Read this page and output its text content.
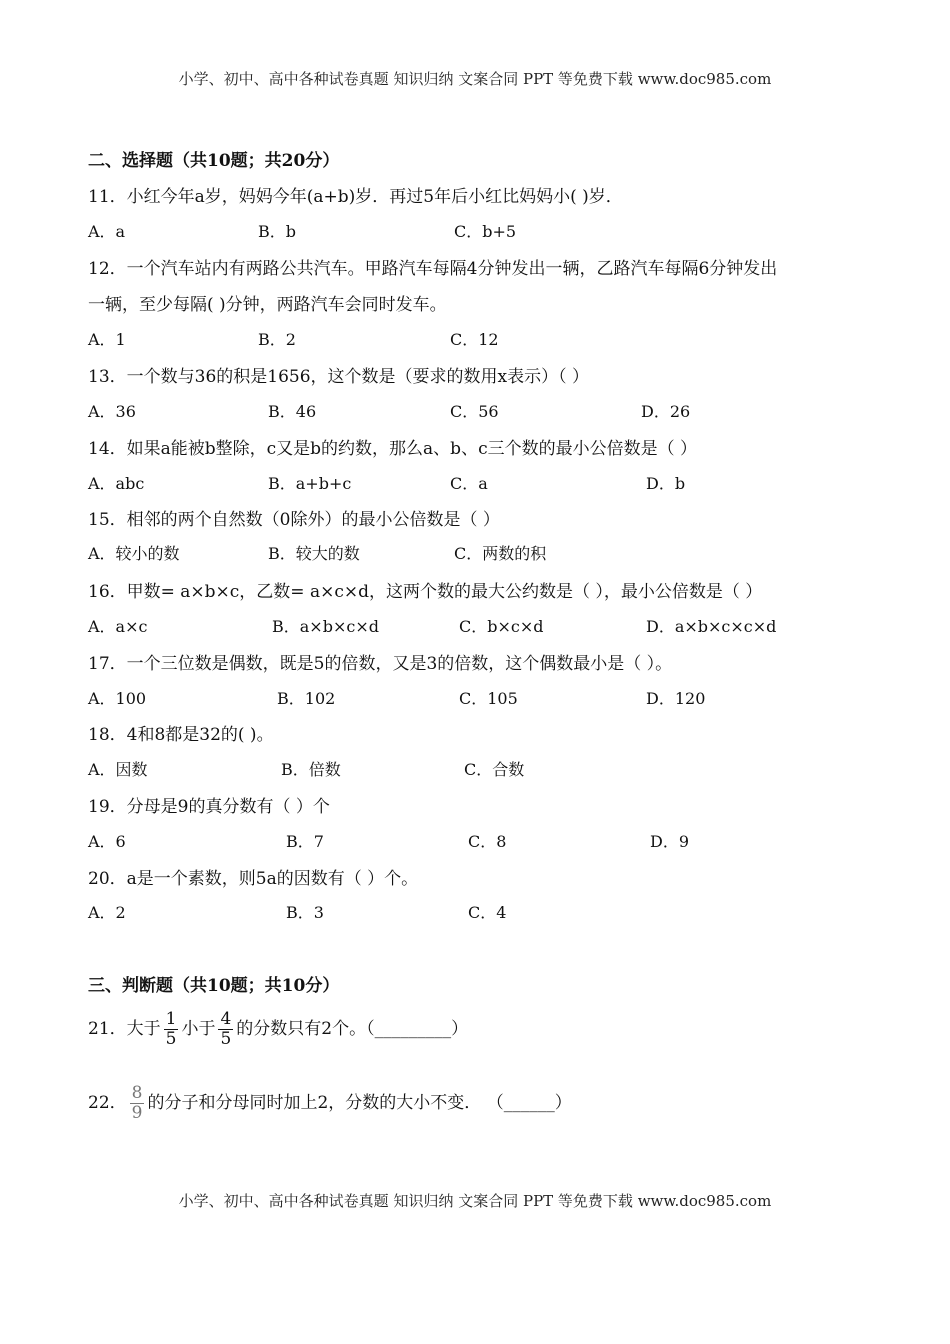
小学、初中、高中各种试卷真题 知识归纳 文案合同 PPT 等免费下载 www.doc985.com
二、选择题（共10题；共20分）
11．小红今年a岁，妈妈今年(a+b)岁．再过5年后小红比妈妈小( )岁．
A．a	B．b	C．b+5
12．一个汽车站内有两路公共汽车。甲路汽车每隔4分钟发出一辆，乙路汽车每隔6分钟发出
一辆，至少每隔( )分钟，两路汽车会同时发车。
A．1	B．2	C．12
13．一个数与36的积是1656，这个数是（要求的数用x表示）（ ）
A．36	B．46	C．56	D．26
14．如果a能被b整除，c又是b的约数，那么a、b、c三个数的最小公倍数是（ ）
A．abc	B．a+b+c	C．a	D．b
15．相邻的两个自然数（0除外）的最小公倍数是（ ）
A．较小的数	B．较大的数	C．两数的积
16．甲数= a×b×c，乙数= a×c×d，这两个数的最大公约数是（ ），最小公倍数是（ ）
A．a×c	B．a×b×c×d	C．b×c×d	D．a×b×c×c×d
17．一个三位数是偶数，既是5的倍数，又是3的倍数，这个偶数最小是（ ）。
A．100	B．102	C．105	D．120
18．4和8都是32的( )。
A．因数	B．倍数	C．合数
19．分母是9的真分数有（ ）个
A．6	B．7	C．8	D．9
20．a是一个素数，则5a的因数有（ ）个。
A．2	B．3	C．4
三、判断题（共10题；共10分）
21．大于 $\frac{1}{5}$ 小于 $\frac{4}{5}$ 的分数只有2个。（_________）
22． $\frac{8}{9}$ 的分子和分母同时加上2，分数的大小不变． （______）
小学、初中、高中各种试卷真题 知识归纳 文案合同 PPT 等免费下载 www.doc985.com
